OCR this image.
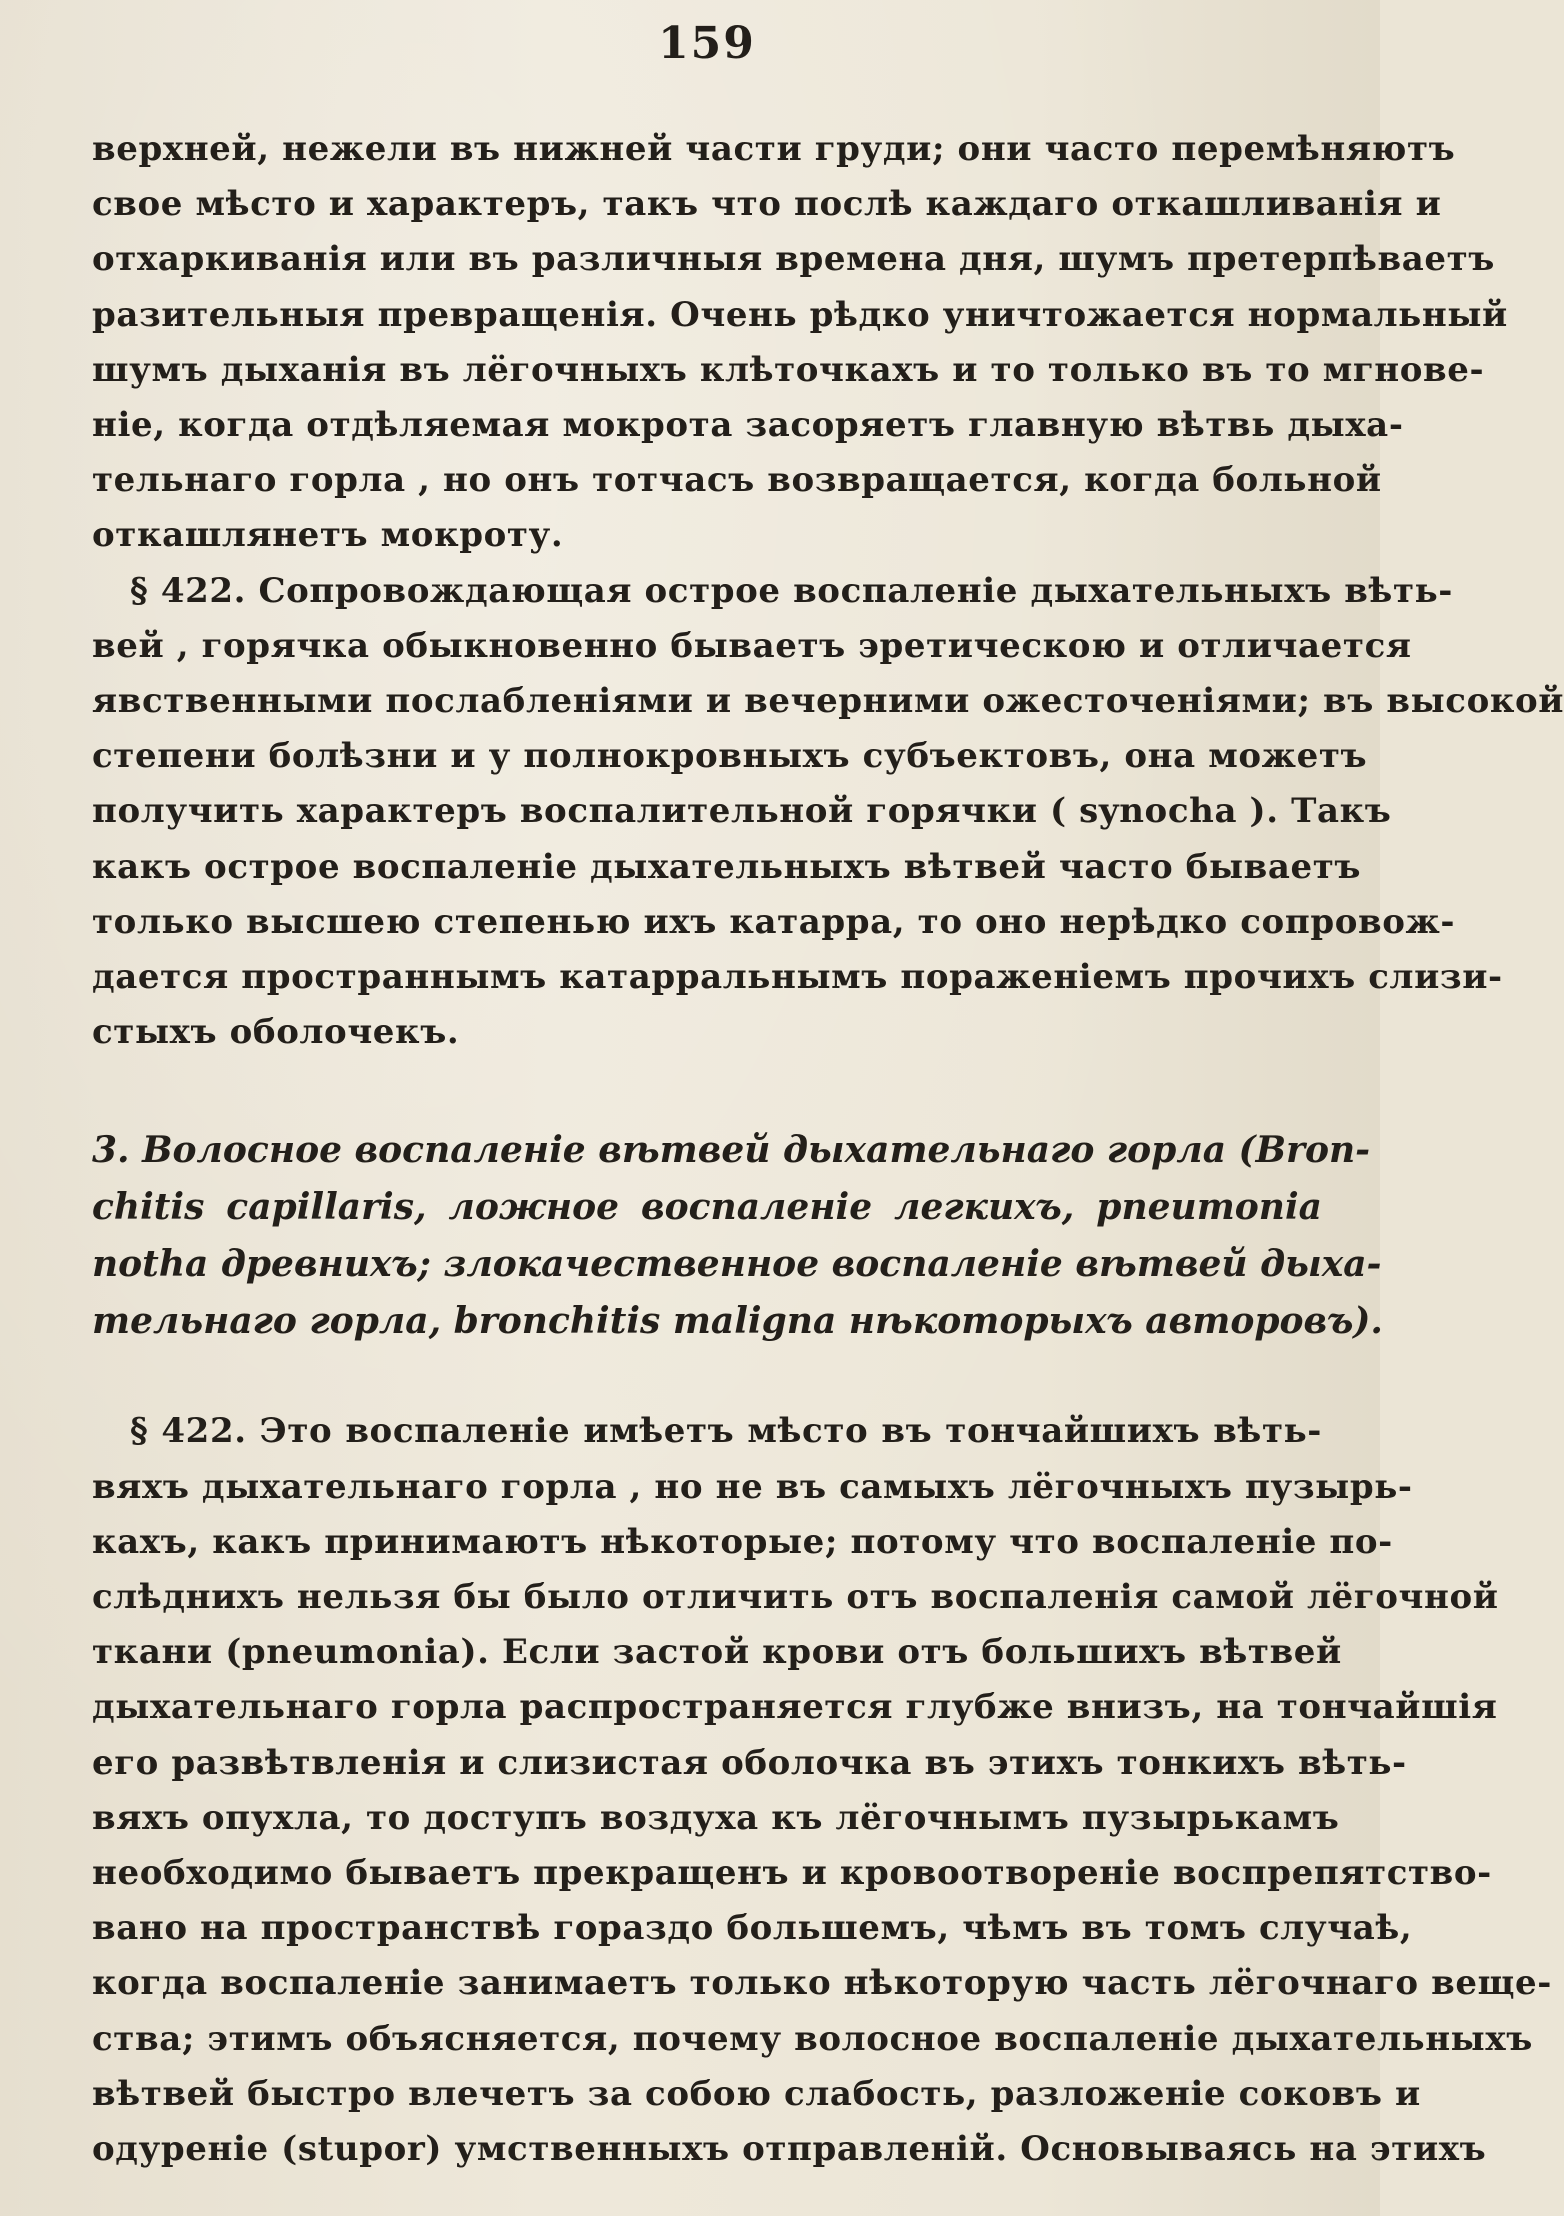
159
верхней, нежели въ нижней части груди; они часто перемѣняютъ
свое мѣсто и характеръ, такъ что послѣ каждаго откашливанія и
отхаркиванія или въ различныя времена дня, шумъ претерпѣваетъ
разительныя превращенія. Очень рѣдко уничтожается нормальный
шумъ дыханія въ лёгочныхъ клѣточкахъ и то только въ то мгнове-
ніе, когда отдѣляемая мокрота засоряетъ главную вѣтвь дыха-
тельнаго горла , но онъ тотчасъ возвращается, когда больной
откашлянетъ мокроту.
§ 422. Сопровождающая острое воспаленіе дыхательныхъ вѣть-
вей , горячка обыкновенно бываетъ эретическою и отличается
явственными послабленіями и вечерними ожесточеніями; въ высокой
степени болѣзни и у полнокровныхъ субъектовъ, она можетъ
получить характеръ воспалительной горячки ( synocha ). Такъ
какъ острое воспаленіе дыхательныхъ вѣтвей часто бываетъ
только высшею степенью ихъ катарра, то оно нерѣдко сопровож-
дается пространнымъ катарральнымъ пораженіемъ прочихъ слизи-
стыхъ оболочекъ.
3. Волосное воспаленіе вѣтвей дыхательнаго горла (Bron-
chitis capillaris, ложное воспаленіе легкихъ, pneumonia
notha древнихъ; злокачественное воспаленіе вѣтвей дыха-
тельнаго горла, bronchitis maligna нѣкоторыхъ авторовъ).
§ 422. Это воспаленіе имѣетъ мѣсто въ тончайшихъ вѣть-
вяхъ дыхательнаго горла , но не въ самыхъ лёгочныхъ пузырь-
кахъ, какъ принимаютъ нѣкоторые; потому что воспаленіе по-
слѣднихъ нельзя бы было отличить отъ воспаленія самой лёгочной
ткани (pneumonia). Если застой крови отъ большихъ вѣтвей
дыхательнаго горла распространяется глубже внизъ, на тончайшія
его развѣтвленія и слизистая оболочка въ этихъ тонкихъ вѣть-
вяхъ опухла, то доступъ воздуха къ лёгочнымъ пузырькамъ
необходимо бываетъ прекращенъ и кровоотвореніе воспрепятство-
вано на пространствѣ гораздо большемъ, чѣмъ въ томъ случаѣ,
когда воспаленіе занимаетъ только нѣкоторую часть лёгочнаго веще-
ства; этимъ объясняется, почему волосное воспаленіе дыхательныхъ
вѣтвей быстро влечетъ за собою слабость, разложеніе соковъ и
одуреніе (stupor) умственныхъ отправленій. Основываясь на этихъ
